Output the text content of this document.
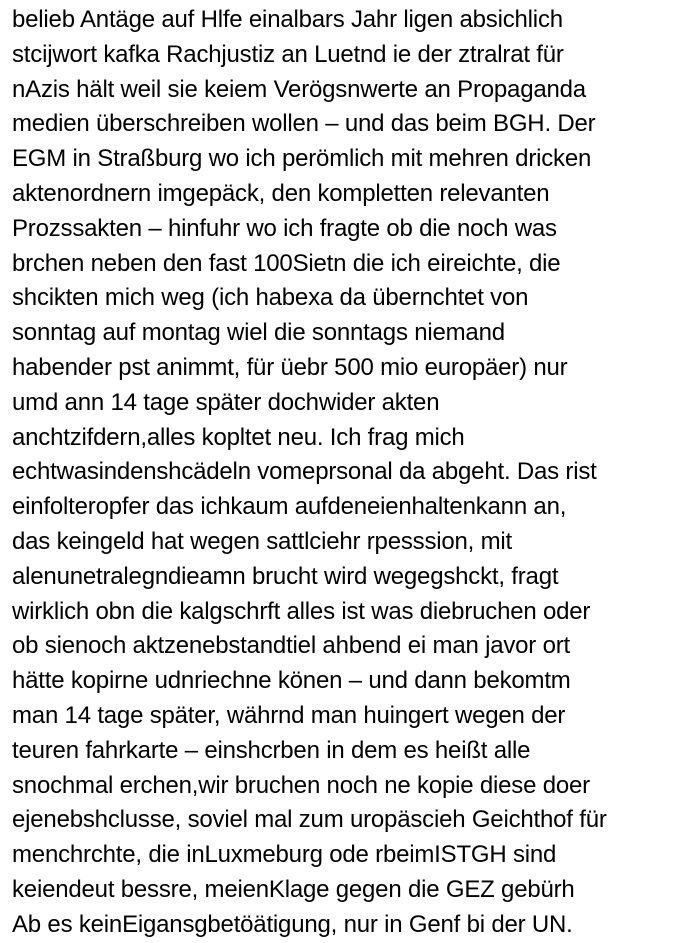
belieb Antäge auf Hlfe einalbars Jahr ligen absichlich
stcijwort kafka Rachjustiz an Luetnd ie der ztralrat für
nAzis hält weil sie keiem Verögsnwerte an Propaganda
medien überschreiben wollen – und das beim BGH. Der
EGM in Straßburg wo ich perömlich mit mehren dricken
aktenordnern imgepäck, den kompletten relevanten
Prozssakten – hinfuhr wo ich fragte ob die noch was
brchen neben den fast 100Sietn die ich eireichte, die
shcikten mich weg (ich habexa da übernchtet von
sonntag auf montag wiel die sonntags niemand
habender pst animmt, für üebr 500 mio europäer) nur
umd ann 14 tage später dochwider akten
anchtzifdern,alles kopltet neu. Ich frag mich
echtwasindenshcädeln vomeprsonal da abgeht. Das rist
einfolteropfer das ichkaum aufdeneienhaltenkann an,
das keingeld hat wegen sattlciehr rpesssion, mit
alenunetralegndieamn brucht wird wegegshckt, fragt
wirklich obn die kalgschrft alles ist was diebruchen oder
ob sienoch aktzenebstandtiel ahbend ei man javor ort
hätte kopirne udnriechne könen – und dann bekomtm
man 14 tage später, währnd man huingert wegen der
teuren fahrkarte – einshcrben in dem es heißt alle
snochmal erchen,wir bruchen noch ne kopie diese doer
ejenebshclusse, soviel mal zum uropäscieh Geichthof für
menchrchte, die inLuxmeburg ode rbeimISTGH sind
keiendeut bessre, meienKlage gegen die GEZ gebürh
Ab es keinEigansgbetöätigung, nur in Genf bi der UN.
